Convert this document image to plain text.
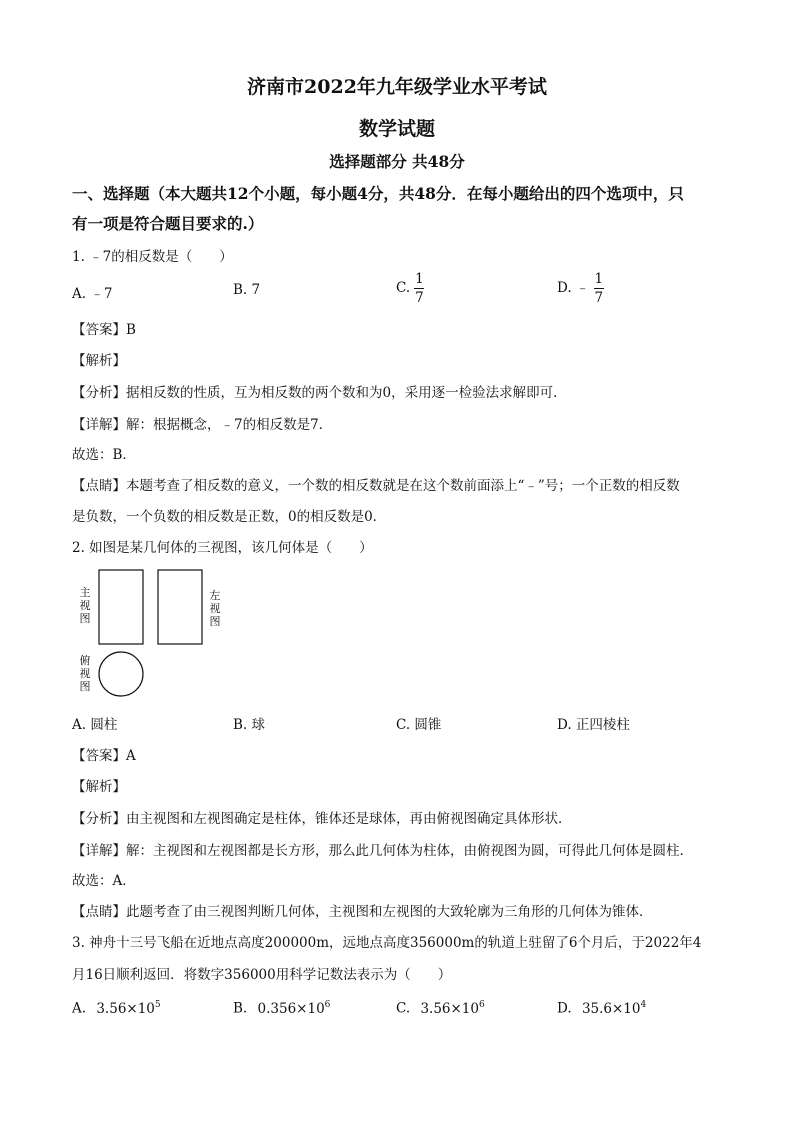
济南市2022年九年级学业水平考试
数学试题
选择题部分 共48分
一、选择题（本大题共12个小题，每小题4分，共48分．在每小题给出的四个选项中，只
有一项是符合题目要求的.）
1. ﹣7的相反数是（　　）
A. ﹣7	B. 7	C. $\frac{1}{7}$	D. ﹣ $\frac{1}{7}$
【答案】B
【解析】
【分析】据相反数的性质，互为相反数的两个数和为0，采用逐一检验法求解即可．
【详解】解：根据概念，﹣7的相反数是7．
故选：B．
【点睛】本题考查了相反数的意义，一个数的相反数就是在这个数前面添上“﹣”号；一个正数的相反数
是负数，一个负数的相反数是正数，0的相反数是0．
2. 如图是某几何体的三视图，该几何体是（　　）
主视图
左视图
俯视图
A. 圆柱	B. 球	C. 圆锥	D. 正四棱柱
【答案】A
【解析】
【分析】由主视图和左视图确定是柱体，锥体还是球体，再由俯视图确定具体形状．
【详解】解：主视图和左视图都是长方形，那么此几何体为柱体，由俯视图为圆，可得此几何体是圆柱．
故选：A．
【点睛】此题考查了由三视图判断几何体，主视图和左视图的大致轮廓为三角形的几何体为锥体．
3. 神舟十三号飞船在近地点高度200000m，远地点高度356000m的轨道上驻留了6个月后，于2022年4
月16日顺利返回．将数字356000用科学记数法表示为（　　）
A. $3.56\times 10^5$	B. $0.356\times 10^6$	C. $3.56\times 10^6$	D. $35.6\times 10^4$
